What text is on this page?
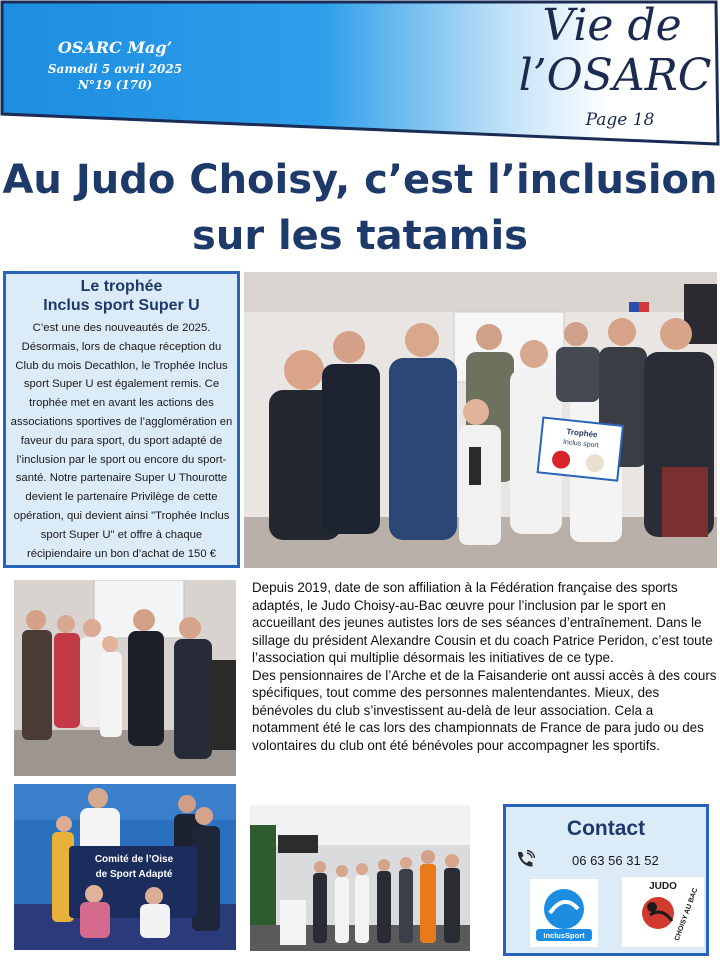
OSARC Mag’
Samedi 5 avril 2025
N°19 (170)
Vie de
l’OSARC
Page 18
Au Judo Choisy, c’est l’inclusion
sur les tatamis
Le trophée
Inclus sport Super U
C’est une des nouveautés de 2025. Désormais, lors de chaque réception du Club du mois Decathlon, le Trophée Inclus sport Super U est également remis. Ce trophée met en avant les actions des associations sportives de l’agglomération en faveur du para sport, du sport adapté de l’inclusion par le sport ou encore du sport-santé. Notre partenaire Super U Thourotte devient le partenaire Privilège de cette opération, qui devient ainsi "Trophée Inclus sport Super U" et offre à chaque récipiendaire un bon d’achat de 150 €
Trophée
Inclus sport
Comité de l’Oise
de Sport Adapté

Depuis 2019, date de son affiliation à la Fédération française des sports adaptés, le Judo Choisy-au-Bac œuvre pour l’inclusion par le sport en accueillant des jeunes autistes lors de ses séances d’entraînement. Dans le sillage du président Alexandre Cousin et du coach Patrice Peridon, c’est toute l’association qui multiplie désormais les initiatives de ce type.

Des pensionnaires de l’Arche et de la Faisanderie ont aussi accès à des cours spécifiques, tout comme des personnes malentendantes. Mieux, des bénévoles du club s’investissent au-delà de leur association. Cela a notamment été le cas lors des championnats de France de para judo ou des volontaires du club ont été bénévoles pour accompagner les sportifs.

Contact
06 63 56 31 52
InclusSport
JUDO
CHOISY AU BAC
